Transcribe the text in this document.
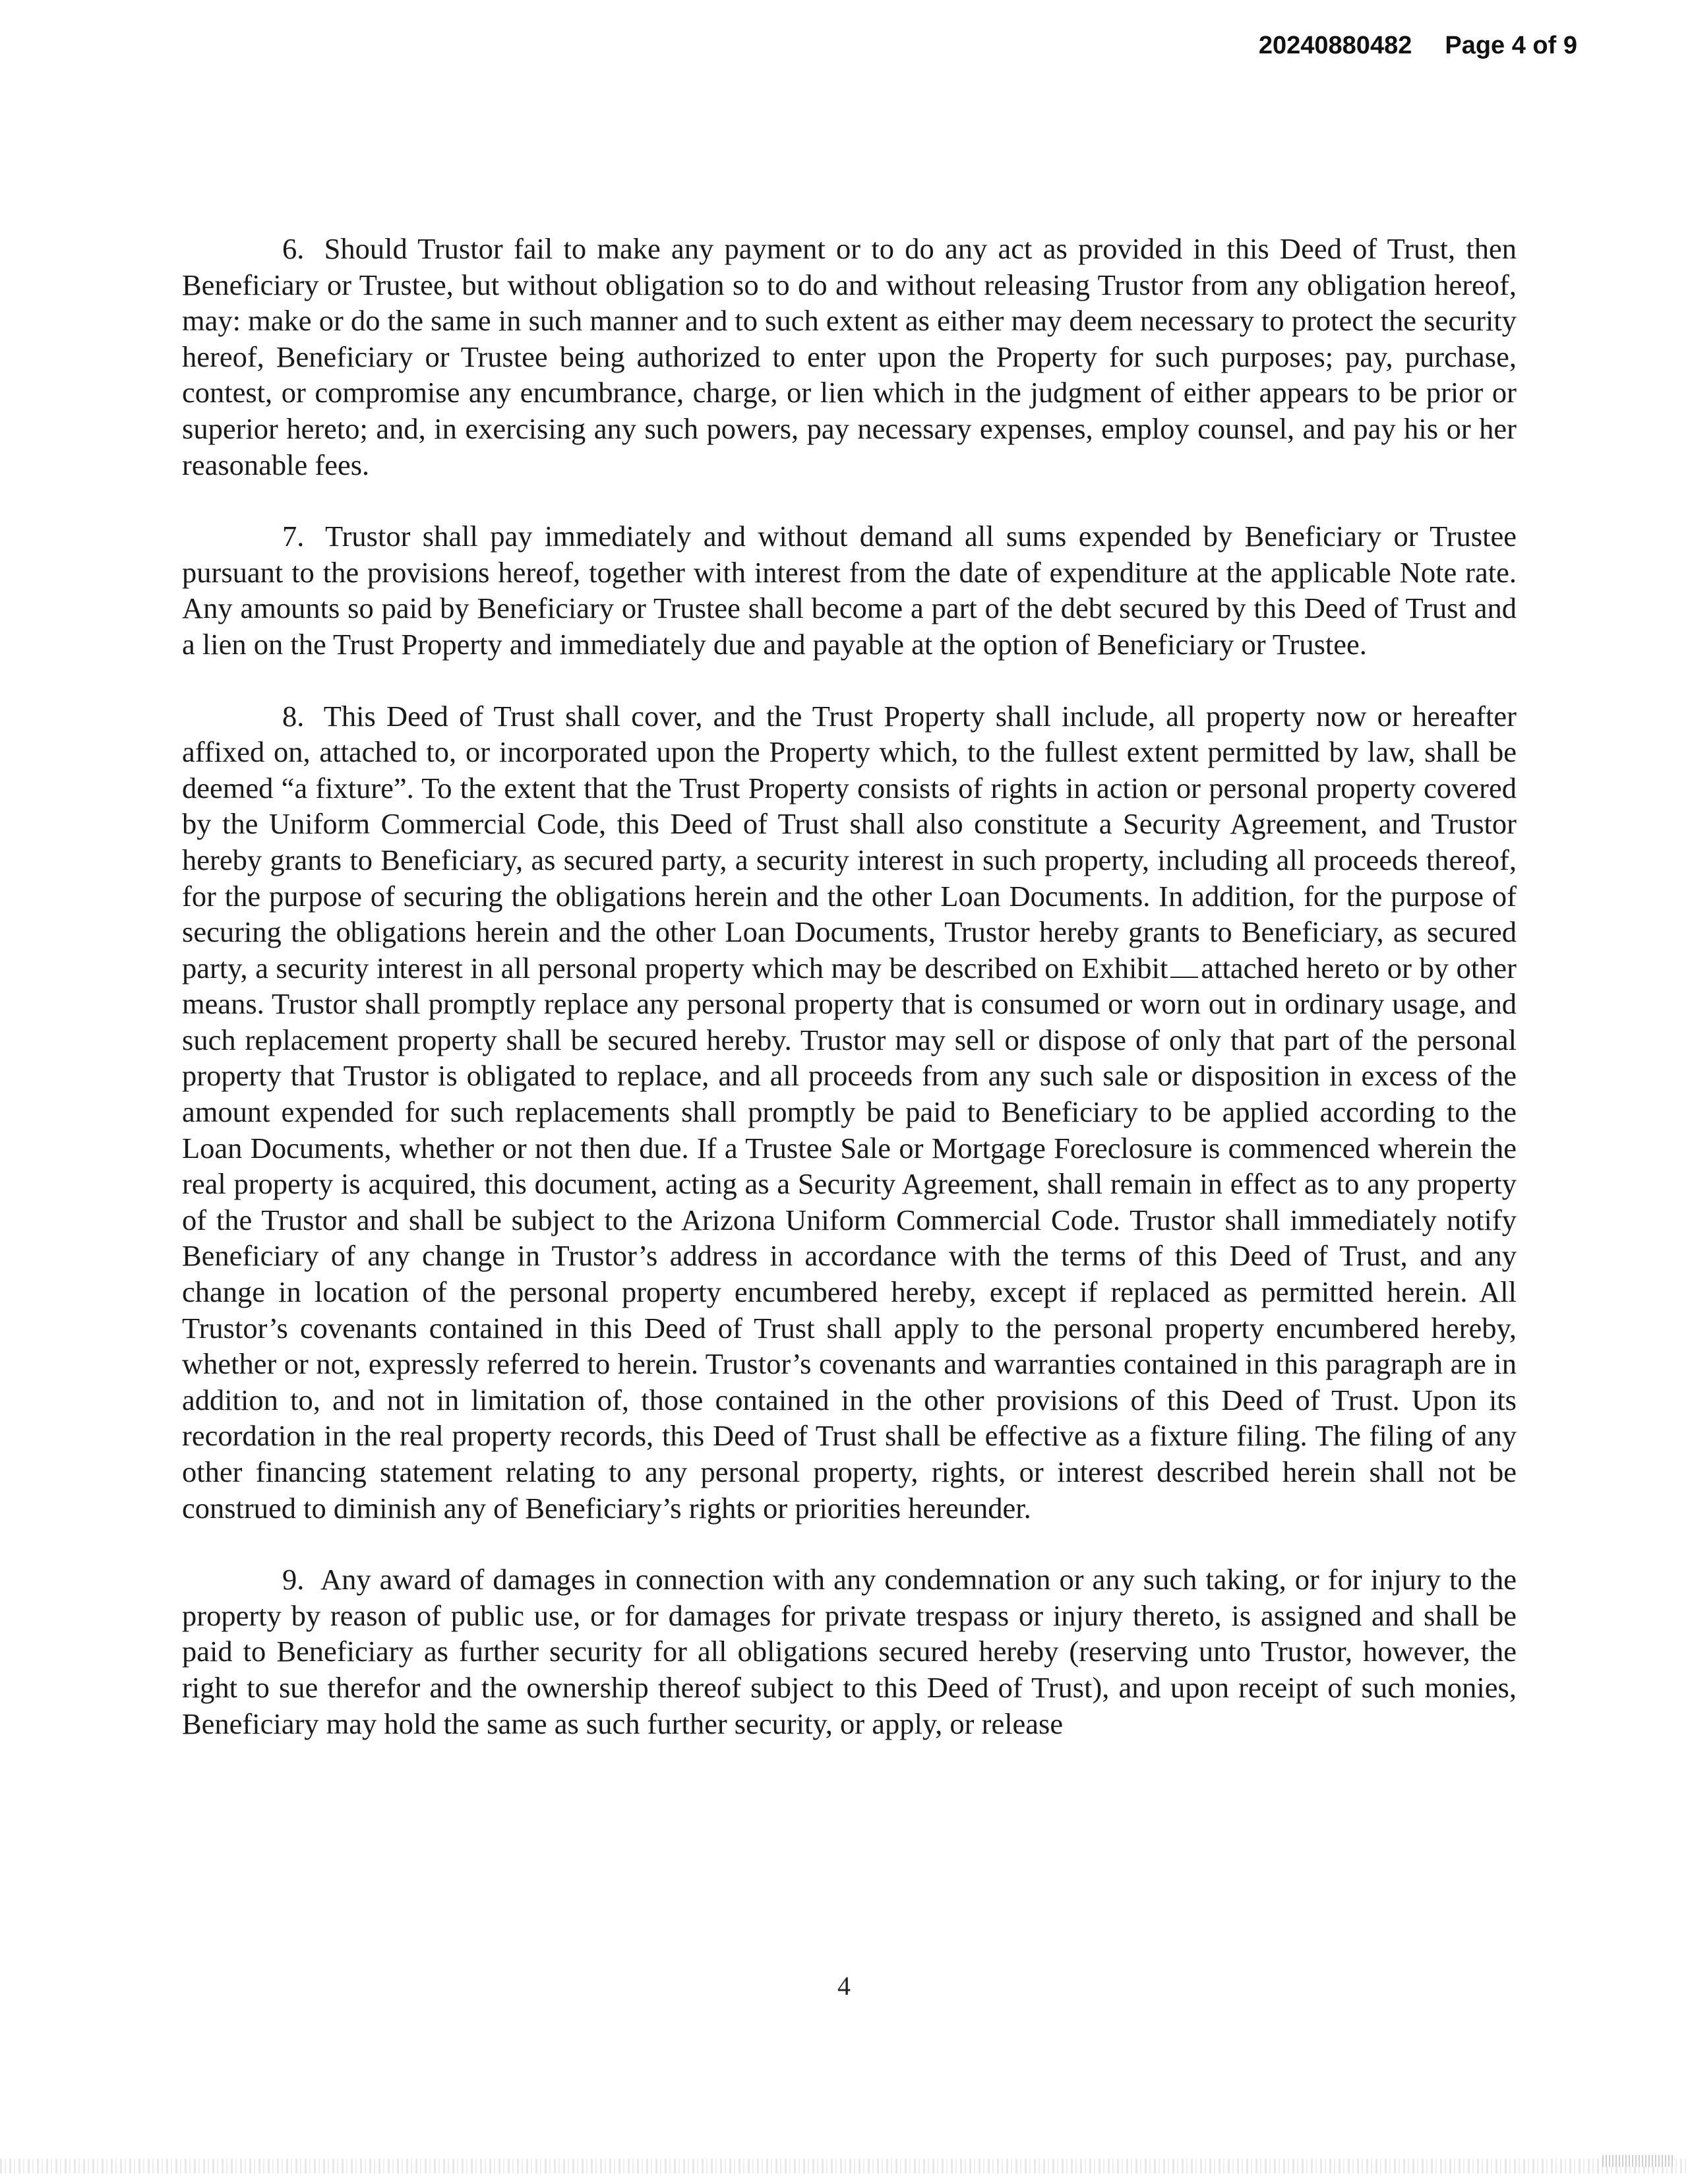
20240880482 Page 4 of 9

6. Should Trustor fail to make any payment or to do any act as provided in this Deed of Trust, then Beneficiary or Trustee, but without obligation so to do and without releasing Trustor from any obligation hereof, may: make or do the same in such manner and to such extent as either may deem necessary to protect the security hereof, Beneficiary or Trustee being authorized to enter upon the Property for such purposes; pay, purchase, contest, or compromise any encumbrance, charge, or lien which in the judgment of either appears to be prior or superior hereto; and, in exercising any such powers, pay necessary expenses, employ counsel, and pay his or her reasonable fees.

7. Trustor shall pay immediately and without demand all sums expended by Beneficiary or Trustee pursuant to the provisions hereof, together with interest from the date of expenditure at the applicable Note rate. Any amounts so paid by Beneficiary or Trustee shall become a part of the debt secured by this Deed of Trust and a lien on the Trust Property and immediately due and payable at the option of Beneficiary or Trustee.

8. This Deed of Trust shall cover, and the Trust Property shall include, all property now or hereafter affixed on, attached to, or incorporated upon the Property which, to the fullest extent permitted by law, shall be deemed “a fixture”. To the extent that the Trust Property consists of rights in action or personal property covered by the Uniform Commercial Code, this Deed of Trust shall also constitute a Security Agreement, and Trustor hereby grants to Beneficiary, as secured party, a security interest in such property, including all proceeds thereof, for the purpose of securing the obligations herein and the other Loan Documents. In addition, for the purpose of securing the obligations herein and the other Loan Documents, Trustor hereby grants to Beneficiary, as secured party, a security interest in all personal property which may be described on Exhibit attached hereto or by other means. Trustor shall promptly replace any personal property that is consumed or worn out in ordinary usage, and such replacement property shall be secured hereby. Trustor may sell or dispose of only that part of the personal property that Trustor is obligated to replace, and all proceeds from any such sale or disposition in excess of the amount expended for such replacements shall promptly be paid to Beneficiary to be applied according to the Loan Documents, whether or not then due. If a Trustee Sale or Mortgage Foreclosure is commenced wherein the real property is acquired, this document, acting as a Security Agreement, shall remain in effect as to any property of the Trustor and shall be subject to the Arizona Uniform Commercial Code. Trustor shall immediately notify Beneficiary of any change in Trustor’s address in accordance with the terms of this Deed of Trust, and any change in location of the personal property encumbered hereby, except if replaced as permitted herein. All Trustor’s covenants contained in this Deed of Trust shall apply to the personal property encumbered hereby, whether or not, expressly referred to herein. Trustor’s covenants and warranties contained in this paragraph are in addition to, and not in limitation of, those contained in the other provisions of this Deed of Trust. Upon its recordation in the real property records, this Deed of Trust shall be effective as a fixture filing. The filing of any other financing statement relating to any personal property, rights, or interest described herein shall not be construed to diminish any of Beneficiary’s rights or priorities hereunder.

9. Any award of damages in connection with any condemnation or any such taking, or for injury to the property by reason of public use, or for damages for private trespass or injury thereto, is assigned and shall be paid to Beneficiary as further security for all obligations secured hereby (reserving unto Trustor, however, the right to sue therefor and the ownership thereof subject to this Deed of Trust), and upon receipt of such monies, Beneficiary may hold the same as such further security, or apply, or release

4
